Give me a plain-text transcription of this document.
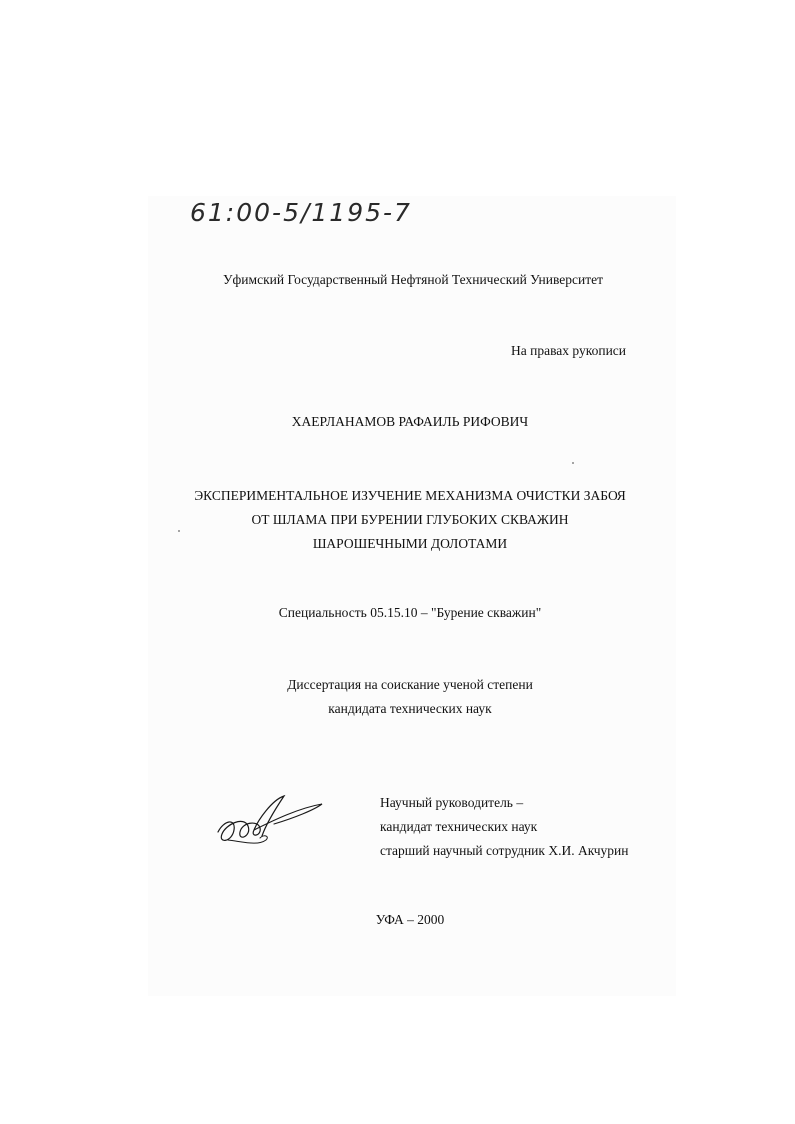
61:00-5/1195-7
Уфимский Государственный Нефтяной Технический Университет
На правах рукописи
ХАЕРЛАНАМОВ РАФАИЛЬ РИФОВИЧ
ЭКСПЕРИМЕНТАЛЬНОЕ ИЗУЧЕНИЕ МЕХАНИЗМА ОЧИСТКИ ЗАБОЯ
ОТ ШЛАМА ПРИ БУРЕНИИ ГЛУБОКИХ СКВАЖИН
ШАРОШЕЧНЫМИ ДОЛОТАМИ
Специальность 05.15.10 – "Бурение скважин"
Диссертация на соискание ученой степени
кандидата технических наук
Научный руководитель –
кандидат технических наук
старший научный сотрудник Х.И. Акчурин
УФА – 2000
